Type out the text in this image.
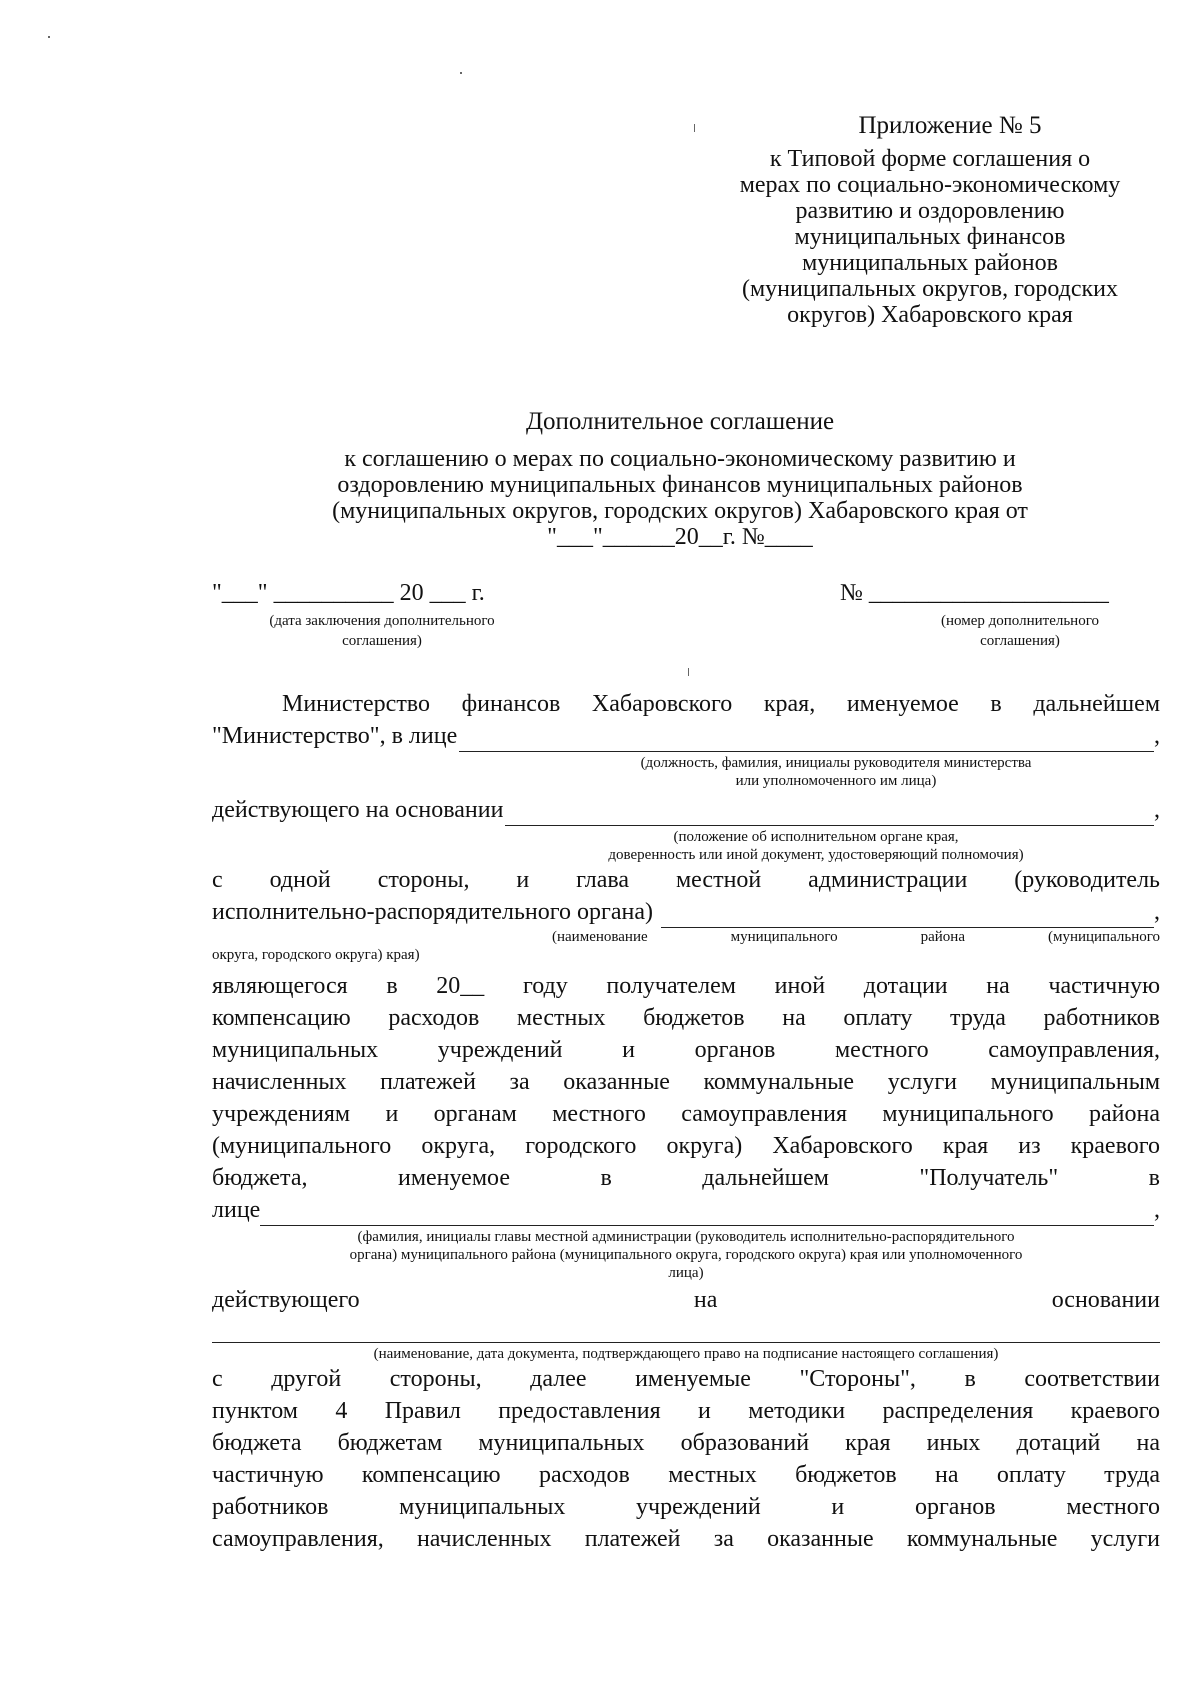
Приложение № 5
к Типовой форме соглашения о
мерах по социально-экономическому
развитию и оздоровлению
муниципальных финансов
муниципальных районов
(муниципальных округов, городских
округов) Хабаровского края
Дополнительное соглашение
к соглашению о мерах по социально-экономическому развитию и
оздоровлению муниципальных финансов муниципальных районов
(муниципальных округов, городских округов) Хабаровского края от
"___"______20__г. №____
"___" __________ 20 ___ г.
(дата заключения дополнительного
соглашения)
№ ____________________
(номер дополнительного
соглашения)
Министерство финансов Хабаровского края, именуемое в дальнейшем
"Министерство", в лице	,
(должность, фамилия, инициалы руководителя министерства
или уполномоченного им лица)
действующего на основании	,
(положение об исполнительном органе края,
доверенность или иной документ, удостоверяющий полномочия)
с одной стороны, и глава местной администрации (руководитель
исполнительно-распорядительного органа)	,
(наименование муниципального района (муниципального
округа, городского округа) края)
являющегося в 20__ году получателем иной дотации на частичную
компенсацию расходов местных бюджетов на оплату труда работников
муниципальных учреждений и органов местного самоуправления,
начисленных платежей за оказанные коммунальные услуги муниципальным
учреждениям и органам местного самоуправления муниципального района
(муниципального округа, городского округа) Хабаровского края из краевого
бюджета, именуемое в дальнейшем "Получатель" в
лице	,
(фамилия, инициалы главы местной администрации (руководитель исполнительно-распорядительного
органа) муниципального района (муниципального округа, городского округа) края или уполномоченного
лица)
действующего на основании
(наименование, дата документа, подтверждающего право на подписание настоящего соглашения)
с другой стороны, далее именуемые "Стороны", в соответствии
пунктом 4 Правил предоставления и методики распределения краевого
бюджета бюджетам муниципальных образований края иных дотаций на
частичную компенсацию расходов местных бюджетов на оплату труда
работников муниципальных учреждений и органов местного
самоуправления, начисленных платежей за оказанные коммунальные услуги
